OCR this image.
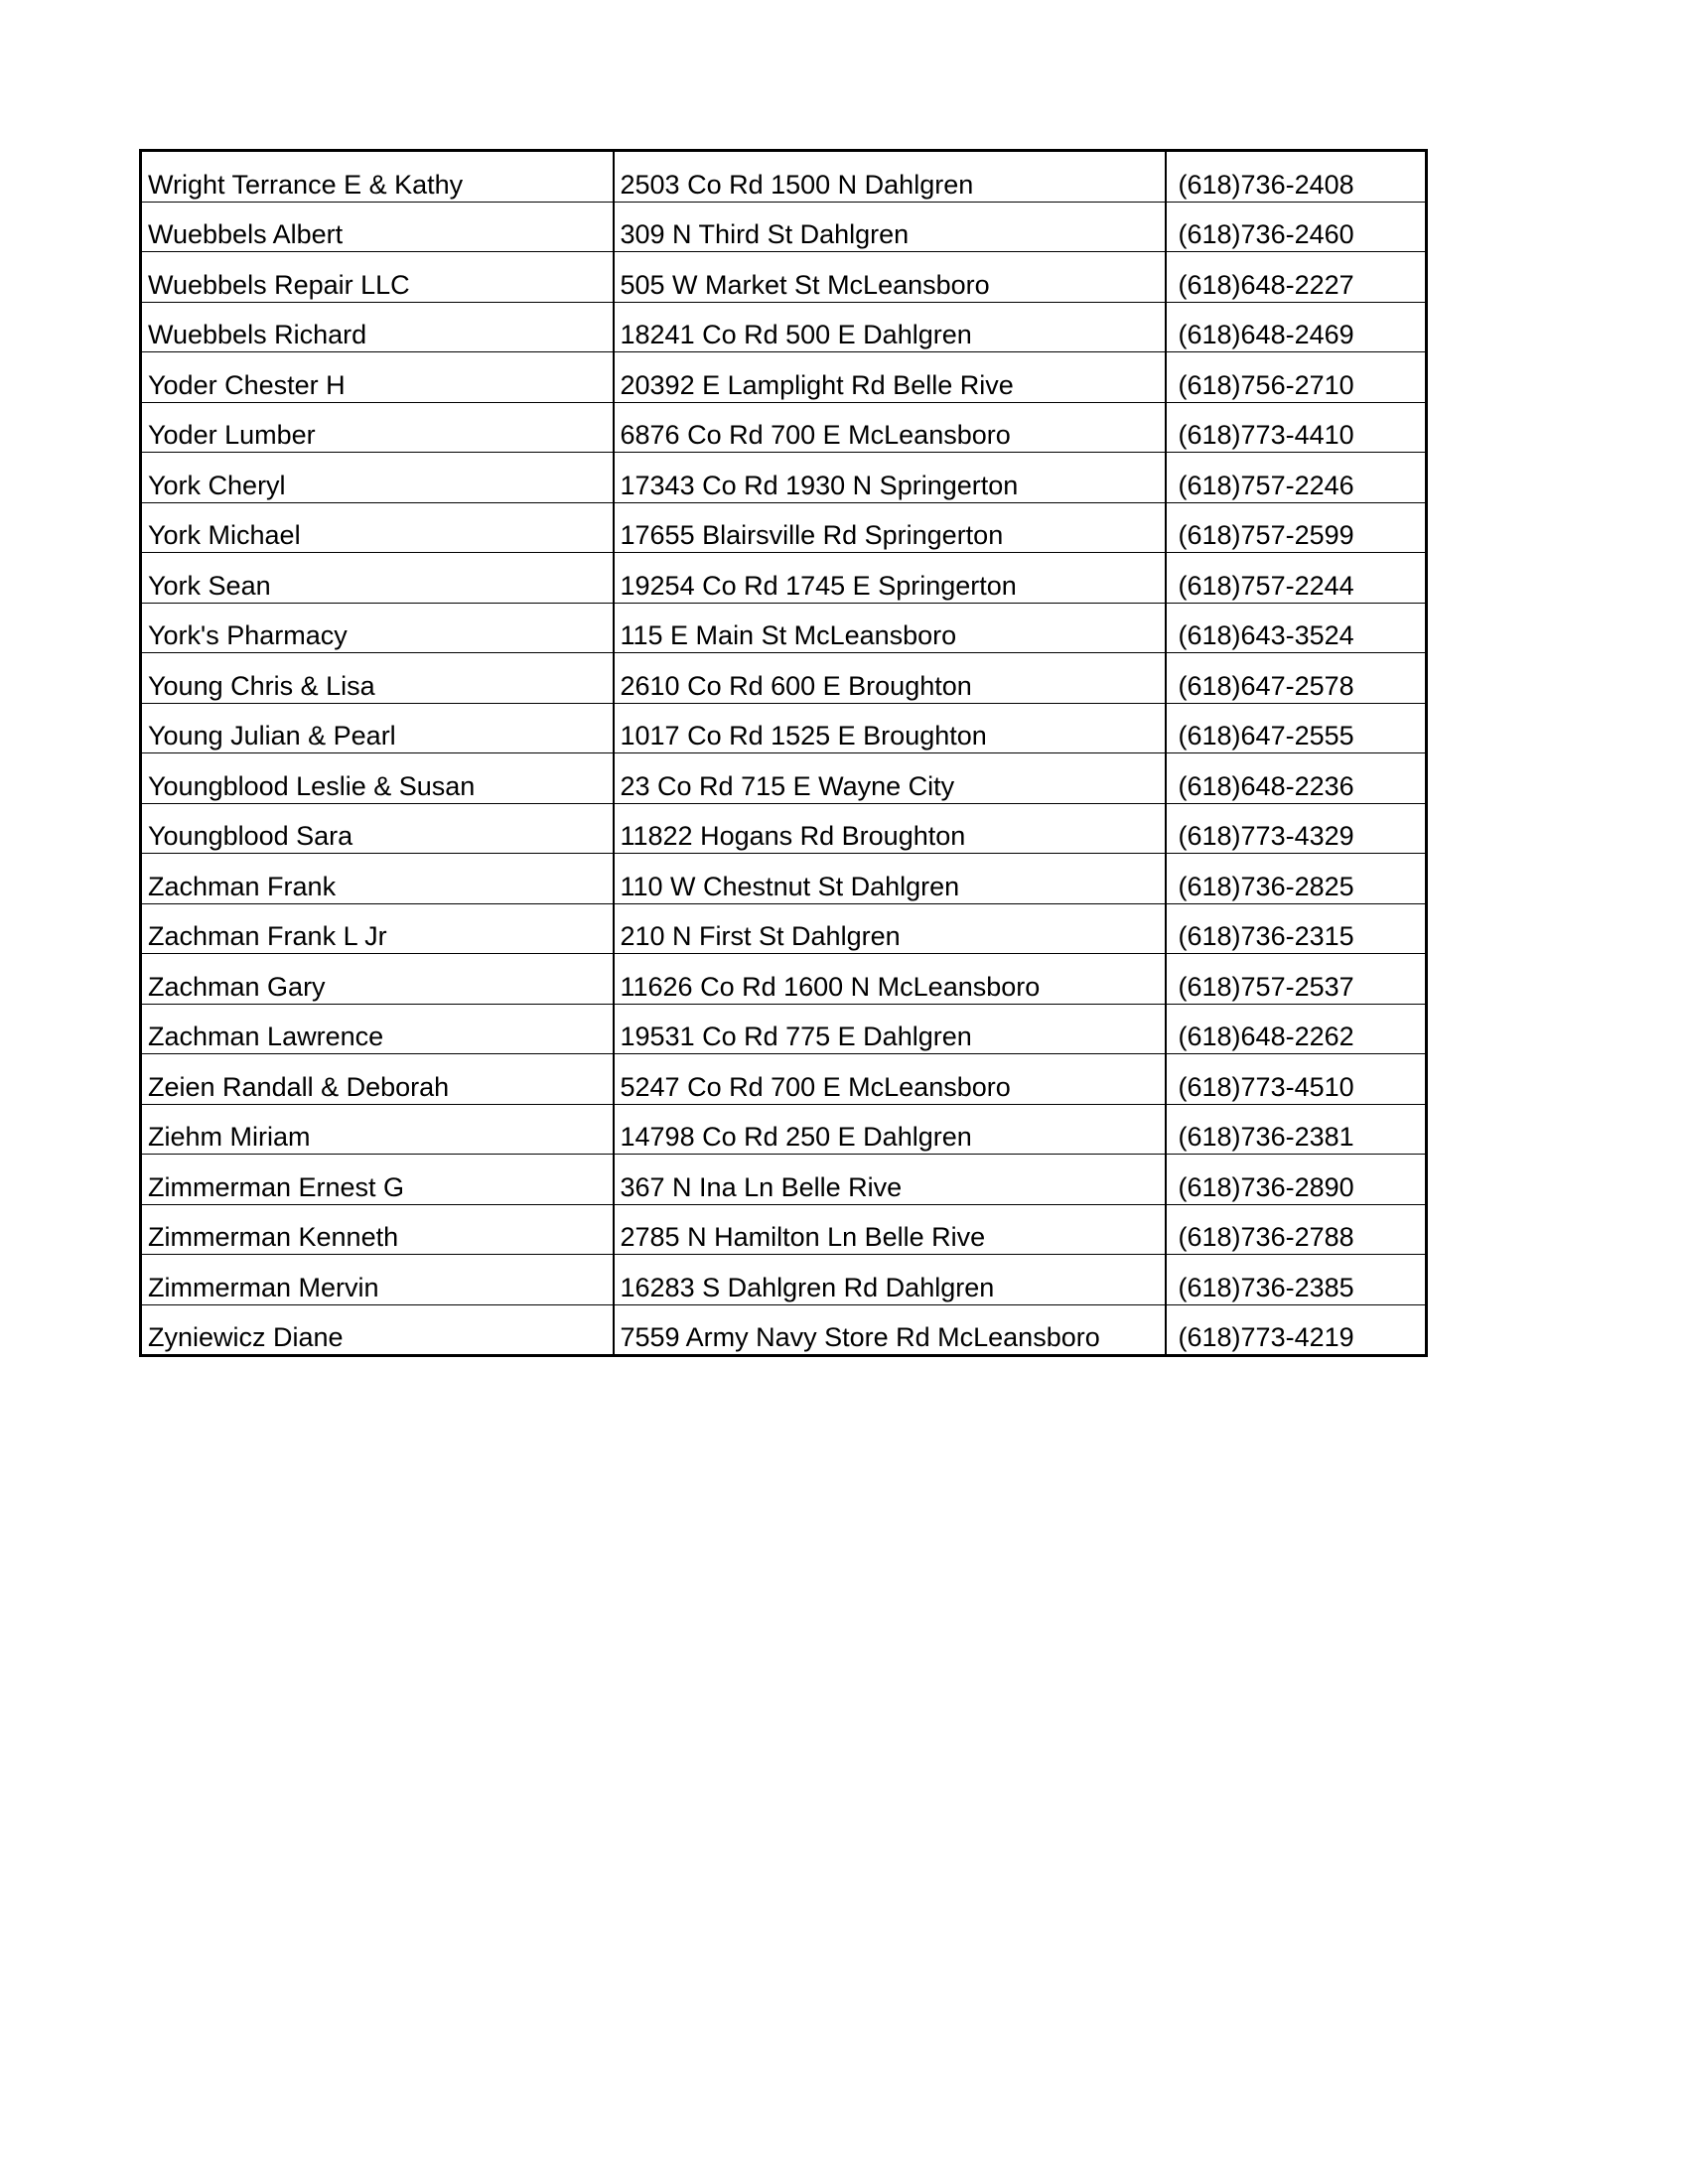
Wright Terrance E & Kathy	2503 Co Rd 1500 N Dahlgren	(618)736-2408
Wuebbels Albert	309 N Third St Dahlgren	(618)736-2460
Wuebbels Repair LLC	505 W Market St McLeansboro	(618)648-2227
Wuebbels Richard	18241 Co Rd 500 E Dahlgren	(618)648-2469
Yoder Chester H	20392 E Lamplight Rd Belle Rive	(618)756-2710
Yoder Lumber	6876 Co Rd 700 E McLeansboro	(618)773-4410
York Cheryl	17343 Co Rd 1930 N Springerton	(618)757-2246
York Michael	17655 Blairsville Rd Springerton	(618)757-2599
York Sean	19254 Co Rd 1745 E Springerton	(618)757-2244
York's Pharmacy	115 E Main St McLeansboro	(618)643-3524
Young Chris & Lisa	2610 Co Rd 600 E Broughton	(618)647-2578
Young Julian & Pearl	1017 Co Rd 1525 E Broughton	(618)647-2555
Youngblood Leslie & Susan	23 Co Rd 715 E Wayne City	(618)648-2236
Youngblood Sara	11822 Hogans Rd Broughton	(618)773-4329
Zachman Frank	110 W Chestnut St Dahlgren	(618)736-2825
Zachman Frank L Jr	210 N First St Dahlgren	(618)736-2315
Zachman Gary	11626 Co Rd 1600 N McLeansboro	(618)757-2537
Zachman Lawrence	19531 Co Rd 775 E Dahlgren	(618)648-2262
Zeien Randall & Deborah	5247 Co Rd 700 E McLeansboro	(618)773-4510
Ziehm Miriam	14798 Co Rd 250 E Dahlgren	(618)736-2381
Zimmerman Ernest G	367 N Ina Ln Belle Rive	(618)736-2890
Zimmerman Kenneth	2785 N Hamilton Ln Belle Rive	(618)736-2788
Zimmerman Mervin	16283 S Dahlgren Rd Dahlgren	(618)736-2385
Zyniewicz Diane	7559 Army Navy Store Rd McLeansboro	(618)773-4219
